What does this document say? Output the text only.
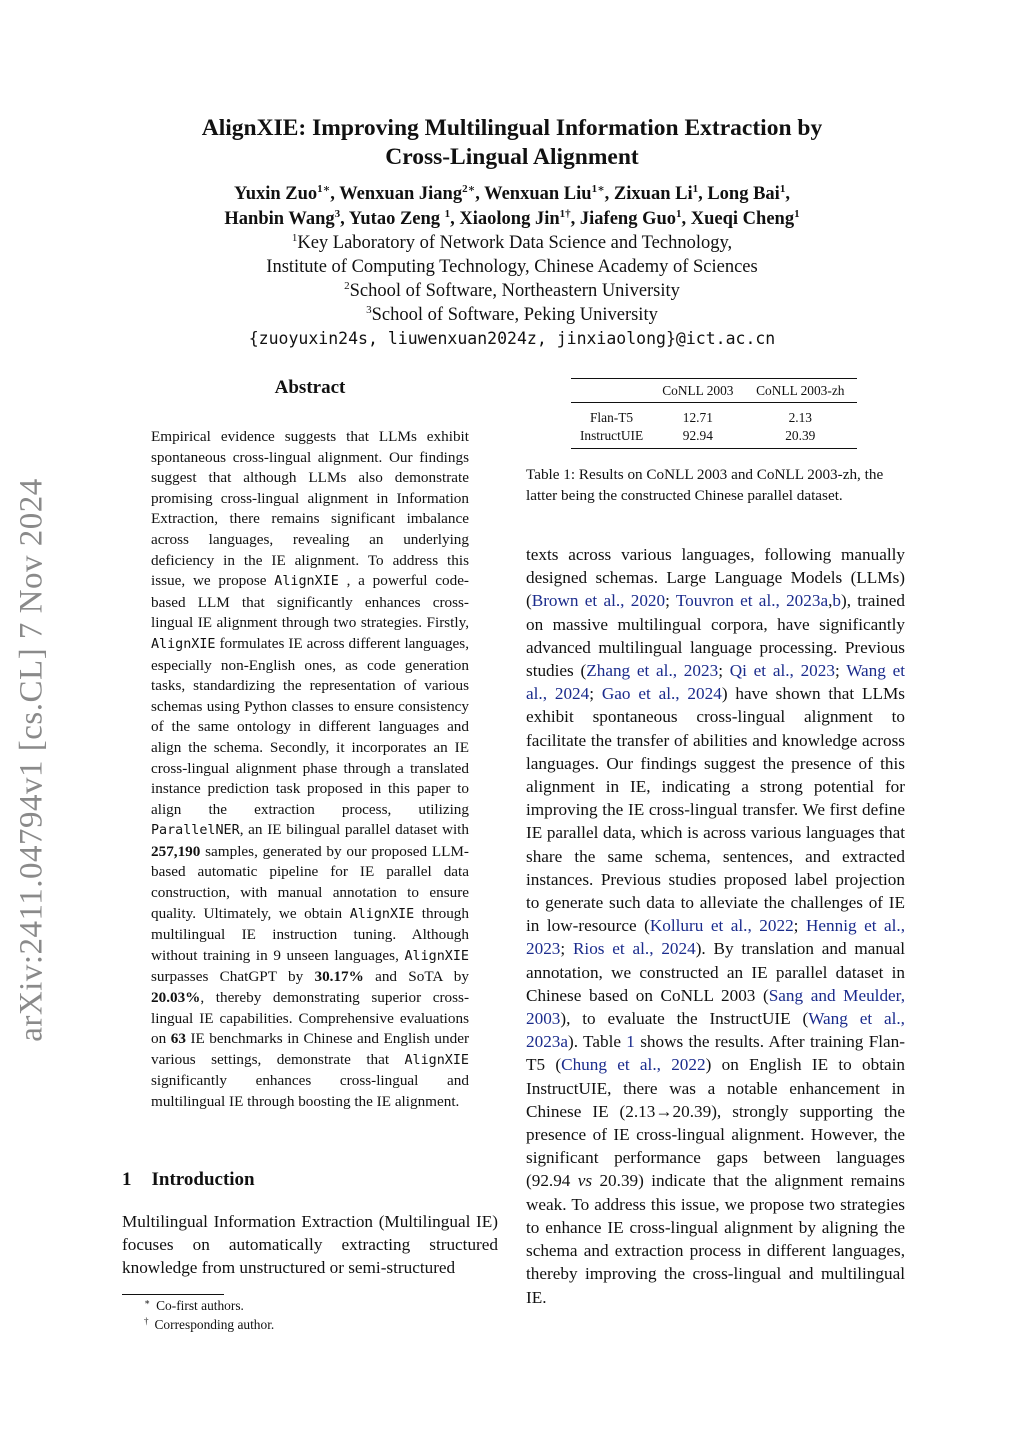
arXiv:2411.04794v1 [cs.CL] 7 Nov 2024
AlignXIE: Improving Multilingual Information Extraction by
Cross-Lingual Alignment
Yuxin Zuo$^{1∗}$, Wenxuan Jiang$^{2∗}$, Wenxuan Liu$^{1∗}$, Zixuan Li$^1$, Long Bai$^1$,
Hanbin Wang$^3$, Yutao Zeng $^1$, Xiaolong Jin$^{1\dagger}$, Jiafeng Guo$^1$, Xueqi Cheng$^1$
$^1$Key Laboratory of Network Data Science and Technology,
Institute of Computing Technology, Chinese Academy of Sciences
$^2$School of Software, Northeastern University
$^3$School of Software, Peking University
{zuoyuxin24s, liuwenxuan2024z, jinxiaolong}@ict.ac.cn
Abstract
Empirical evidence suggests that LLMs exhibit spontaneous cross-lingual alignment. Our findings suggest that although LLMs also demonstrate promising cross-lingual alignment in Information Extraction, there remains significant imbalance across languages, revealing an underlying deficiency in the IE alignment. To address this issue, we propose AlignXIE , a powerful code-based LLM that significantly enhances cross-lingual IE alignment through two strategies. Firstly, AlignXIE formulates IE across different languages, especially non-English ones, as code generation tasks, standardizing the representation of various schemas using Python classes to ensure consistency of the same ontology in different languages and align the schema. Secondly, it incorporates an IE cross-lingual alignment phase through a translated instance prediction task proposed in this paper to align the extraction process, utilizing ParallelNER, an IE bilingual parallel dataset with 257,190 samples, generated by our proposed LLM-based automatic pipeline for IE parallel data construction, with manual annotation to ensure quality. Ultimately, we obtain AlignXIE through multilingual IE instruction tuning. Although without training in 9 unseen languages, AlignXIE surpasses ChatGPT by 30.17% and SoTA by 20.03%, thereby demonstrating superior cross-lingual IE capabilities. Comprehensive evaluations on 63 IE benchmarks in Chinese and English under various settings, demonstrate that AlignXIE significantly enhances cross-lingual and multilingual IE through boosting the IE alignment.
1 Introduction
Multilingual Information Extraction (Multilingual IE) focuses on automatically extracting structured knowledge from unstructured or semi-structured
∗ Co-first authors.
† Corresponding author.
	CoNLL 2003	CoNLL 2003-zh
Flan-T5	12.71	2.13
InstructUIE	92.94	20.39
Table 1: Results on CoNLL 2003 and CoNLL 2003-zh, the latter being the constructed Chinese parallel dataset.
texts across various languages, following manually designed schemas. Large Language Models (LLMs) (Brown et al., 2020; Touvron et al., 2023a,b), trained on massive multilingual corpora, have significantly advanced multilingual language processing. Previous studies (Zhang et al., 2023; Qi et al., 2023; Wang et al., 2024; Gao et al., 2024) have shown that LLMs exhibit spontaneous cross-lingual alignment to facilitate the transfer of abilities and knowledge across languages. Our findings suggest the presence of this alignment in IE, indicating a strong potential for improving the IE cross-lingual transfer. We first define IE parallel data, which is across various languages that share the same schema, sentences, and extracted instances. Previous studies proposed label projection to generate such data to alleviate the challenges of IE in low-resource (Kolluru et al., 2022; Hennig et al., 2023; Rios et al., 2024). By translation and manual annotation, we constructed an IE parallel dataset in Chinese based on CoNLL 2003 (Sang and Meulder, 2003), to evaluate the InstructUIE (Wang et al., 2023a). Table 1 shows the results. After training Flan-T5 (Chung et al., 2022) on English IE to obtain InstructUIE, there was a notable enhancement in Chinese IE (2.13→20.39), strongly supporting the presence of IE cross-lingual alignment. However, the significant performance gaps between languages (92.94 vs 20.39) indicate that the alignment remains weak. To address this issue, we propose two strategies to enhance IE cross-lingual alignment by aligning the schema and extraction process in different languages, thereby improving the cross-lingual and multilingual IE.
